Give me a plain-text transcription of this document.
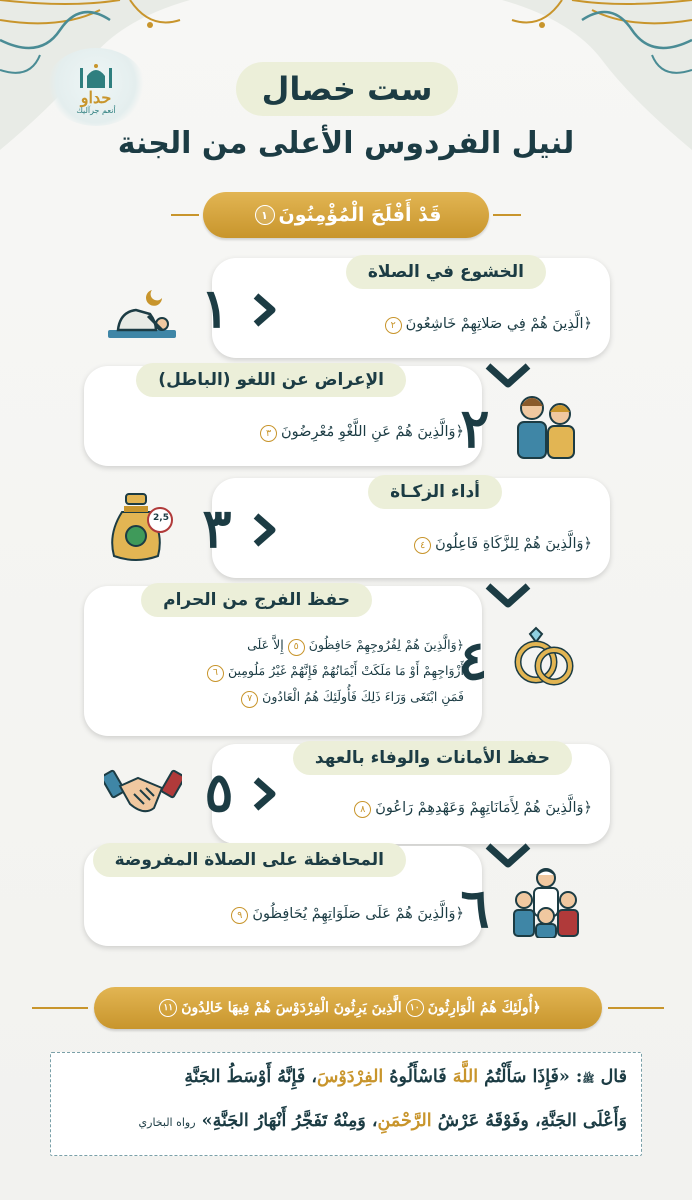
حداو
أنعم جرآليك
ست خصال
لنيل الفردوس الأعلى من الجنة
قَدْ أَفْلَحَ الْمُؤْمِنُونَ
١
الخشوع في الصلاة
﴿الَّذِينَ هُمْ فِي صَلاتِهِمْ خَاشِعُونَ٢
١
الإعراض عن اللغو (الباطل)
﴿وَالَّذِينَ هُمْ عَنِ اللَّغْوِ مُعْرِضُونَ٣	٢
أداء الزكـاة
﴿وَالَّذِينَ هُمْ لِلزَّكَاةِ فَاعِلُونَ٤
٣
2,5
حفظ الفرج من الحرام
﴿وَالَّذِينَ هُمْ لِفُرُوجِهِمْ حَافِظُونَ٥إِلاَّ عَلَى
أَزْوَاجِهِمْ أَوْ مَا مَلَكَتْ أَيْمَانُهُمْ فَإِنَّهُمْ غَيْرُ مَلُومِينَ٦
فَمَنِ ابْتَغَى وَرَاءَ ذَلِكَ فَأُولَئِكَ هُمُ الْعَادُونَ٧
٤
حفظ الأمانات والوفاء بالعهد
﴿وَالَّذِينَ هُمْ لِأَمَانَاتِهِمْ وَعَهْدِهِمْ رَاعُونَ٨
٥
المحافظة على الصلاة المفروضة
﴿وَالَّذِينَ هُمْ عَلَى صَلَوَاتِهِمْ يُحَافِظُونَ٩	٦
﴿أُولَئِكَ هُمُ الْوَارِثُونَ
١٠
الَّذِينَ يَرِثُونَ الْفِرْدَوْسَ هُمْ فِيهَا خَالِدُونَ
١١
قال ﷺ: «فَإِذَا سَأَلْتُمُ اللَّهَ فَاسْأَلُوهُ الفِرْدَوْسَ، فَإِنَّهُ أَوْسَطُ الجَنَّةِ
وَأَعْلَى الجَنَّةِ، وفَوْقَهُ عَرْشُ الرَّحْمَنِ، وَمِنْهُ تَفَجَّرُ أَنْهَارُ الجَنَّةِ» رواه البخاري
